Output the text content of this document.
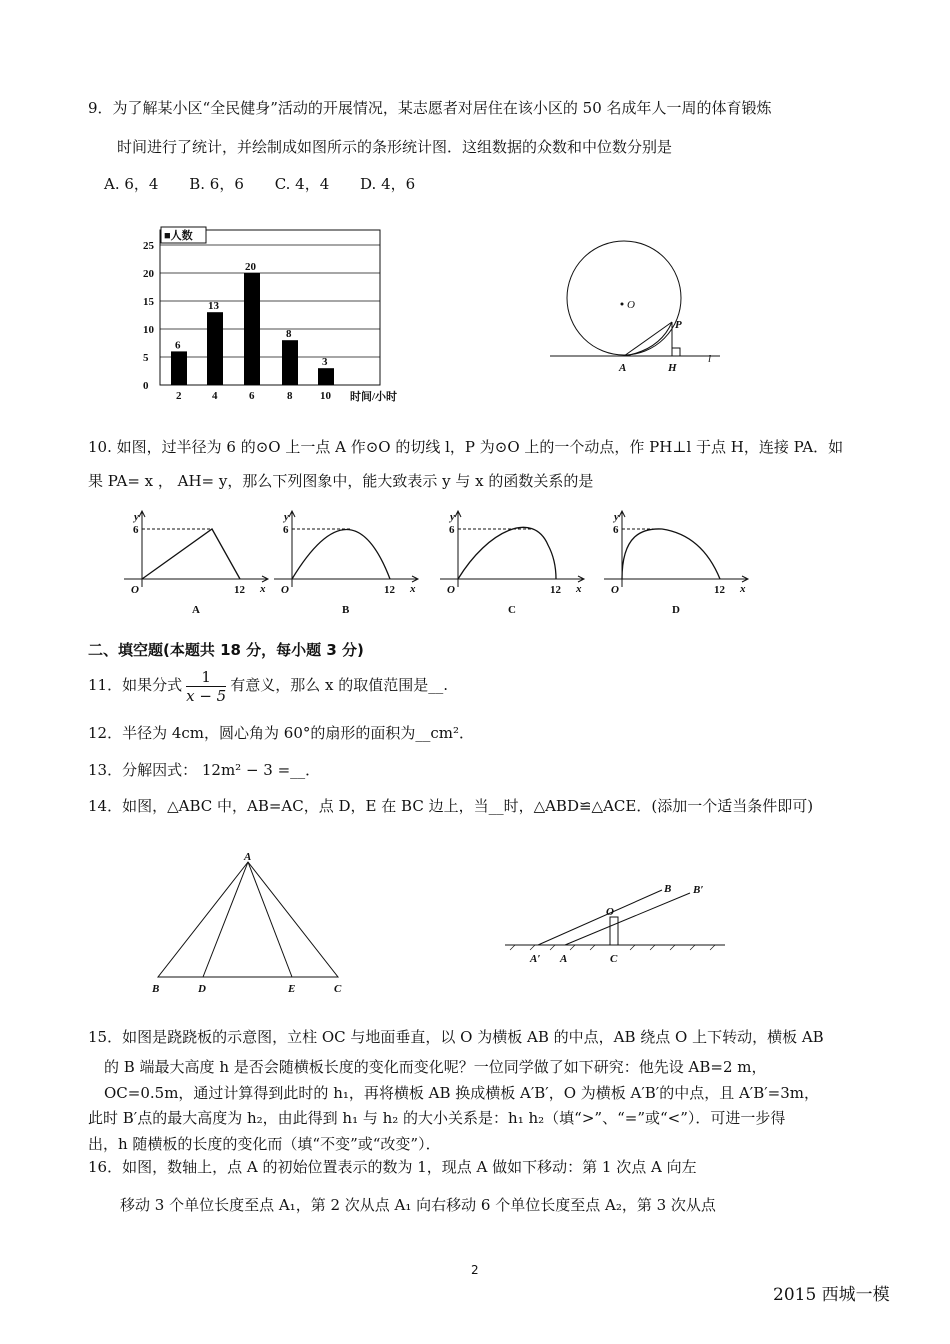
9．为了解某小区“全民健身”活动的开展情况，某志愿者对居住在该小区的 50 名成年人一周的体育锻炼
时间进行了统计，并绘制成如图所示的条形统计图．这组数据的众数和中位数分别是
A. 6，4 B. 6，6 C. 4，4 D. 4，6
■人数
0
5
10
15
20
25
6
2
13
4
20
6
8
8
3
10 时间/小时
O
P
A	H
l
10. 如图，过半径为 6 的⊙O 上一点 A 作⊙O 的切线 l，P 为⊙O 上的一个动点，作 PH⊥l 于点 H，连接 PA．如
果 PA= x ， AH= y，那么下列图象中，能大致表示 y 与 x 的函数关系的是
y
6
O	12 x
A
y
6
O	12 x
B
y
6
O	12 x
C
y
6
O	12 x
D
二、填空题(本题共 18 分，每小题 3 分)
11．如果分式 $\frac{1}{x - 5}$ 有意义，那么 x 的取值范围是__.
12．半径为 4cm，圆心角为 60°的扇形的面积为__cm²．
13．分解因式： 12m² − 3 =__．
14．如图，△ABC 中，AB=AC，点 D，E 在 BC 边上，当__时，△ABD≌△ACE．(添加一个适当条件即可)
A
B	D	E	C
B B′
O
A′ A	C
15．如图是跷跷板的示意图，立柱 OC 与地面垂直，以 O 为横板 AB 的中点，AB 绕点 O 上下转动，横板 AB
的 B 端最大高度 h 是否会随横板长度的变化而变化呢？一位同学做了如下研究：他先设 AB=2 m，
OC=0.5m，通过计算得到此时的 h₁，再将横板 AB 换成横板 A′B′，O 为横板 A′B′的中点，且 A′B′=3m，
此时 B′点的最大高度为 h₂，由此得到 h₁ 与 h₂ 的大小关系是：h₁ h₂（填“>”、“=”或“<”）．可进一步得
出，h 随横板的长度的变化而（填“不变”或“改变”）．
16．如图，数轴上，点 A 的初始位置表示的数为 1，现点 A 做如下移动：第 1 次点 A 向左
移动 3 个单位长度至点 A₁，第 2 次从点 A₁ 向右移动 6 个单位长度至点 A₂，第 3 次从点
2
2015 西城一模
